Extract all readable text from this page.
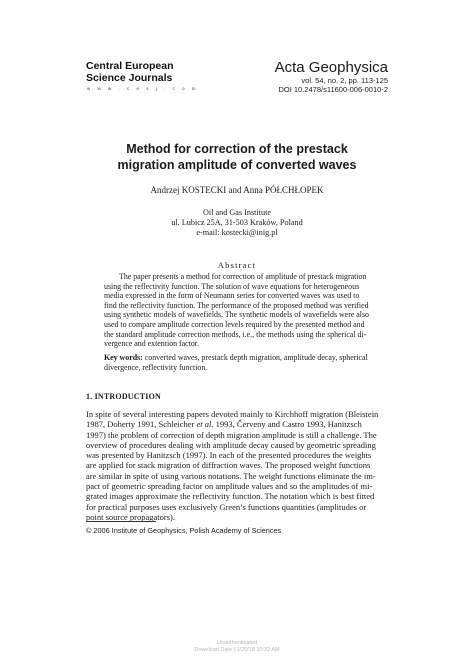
Central European
Science Journals
w w w . c e s j . c o m
Acta Geophysica
vol. 54, no. 2, pp. 113-125
DOI 10.2478/s11600-006-0010-2
Method for correction of the prestack
migration amplitude of converted waves
Andrzej KOSTECKI and Anna PÓŁCHŁOPEK
Oil and Gas Institute
ul. Lubicz 25A, 31-503 Kraków, Poland
e-mail: kostecki@inig.pl
Abstract
The paper presents a method for correction of amplitude of prestack migration
using the reflectivity function. The solution of wave equations for heterogeneous
media expressed in the form of Neumann series for converted waves was used to
find the reflectivity function. The performance of the proposed method was verified
using synthetic models of wavefields. The synthetic models of wavefields were also
used to compare amplitude correction levels required by the presented method and
the standard amplitude correction methods, i.e., the methods using the spherical di-
vergence and extention factor.
Key words: converted waves, prestack depth migration, amplitude decay, spherical
divergence, reflectivity function.
1. INTRODUCTION
In spite of several interesting papers devoted mainly to Kirchhoff migration (Bleistein
1987, Doherty 1991, Schleicher et al. 1993, Červeny and Castro 1993, Hanitzsch
1997) the problem of correction of depth migration amplitude is still a challenge. The
overview of procedures dealing with amplitude decay caused by geometric spreading
was presented by Hanitzsch (1997). In each of the presented procedures the weights
are applied for stack migration of diffraction waves. The proposed weight functions
are similar in spite of using various notations. The weight functions eliminate the im-
pact of geometric spreading factor on amplitude values and so the amplitudes of mi-
grated images approximate the reflectivity function. The notation which is best fitted
for practical purposes uses exclusively Green’s functions quantities (amplitudes or
point source propagators).
© 2006 Institute of Geophysics, Polish Academy of Sciences
Unauthenticated
Download Date | 1/20/18 10:32 AM
